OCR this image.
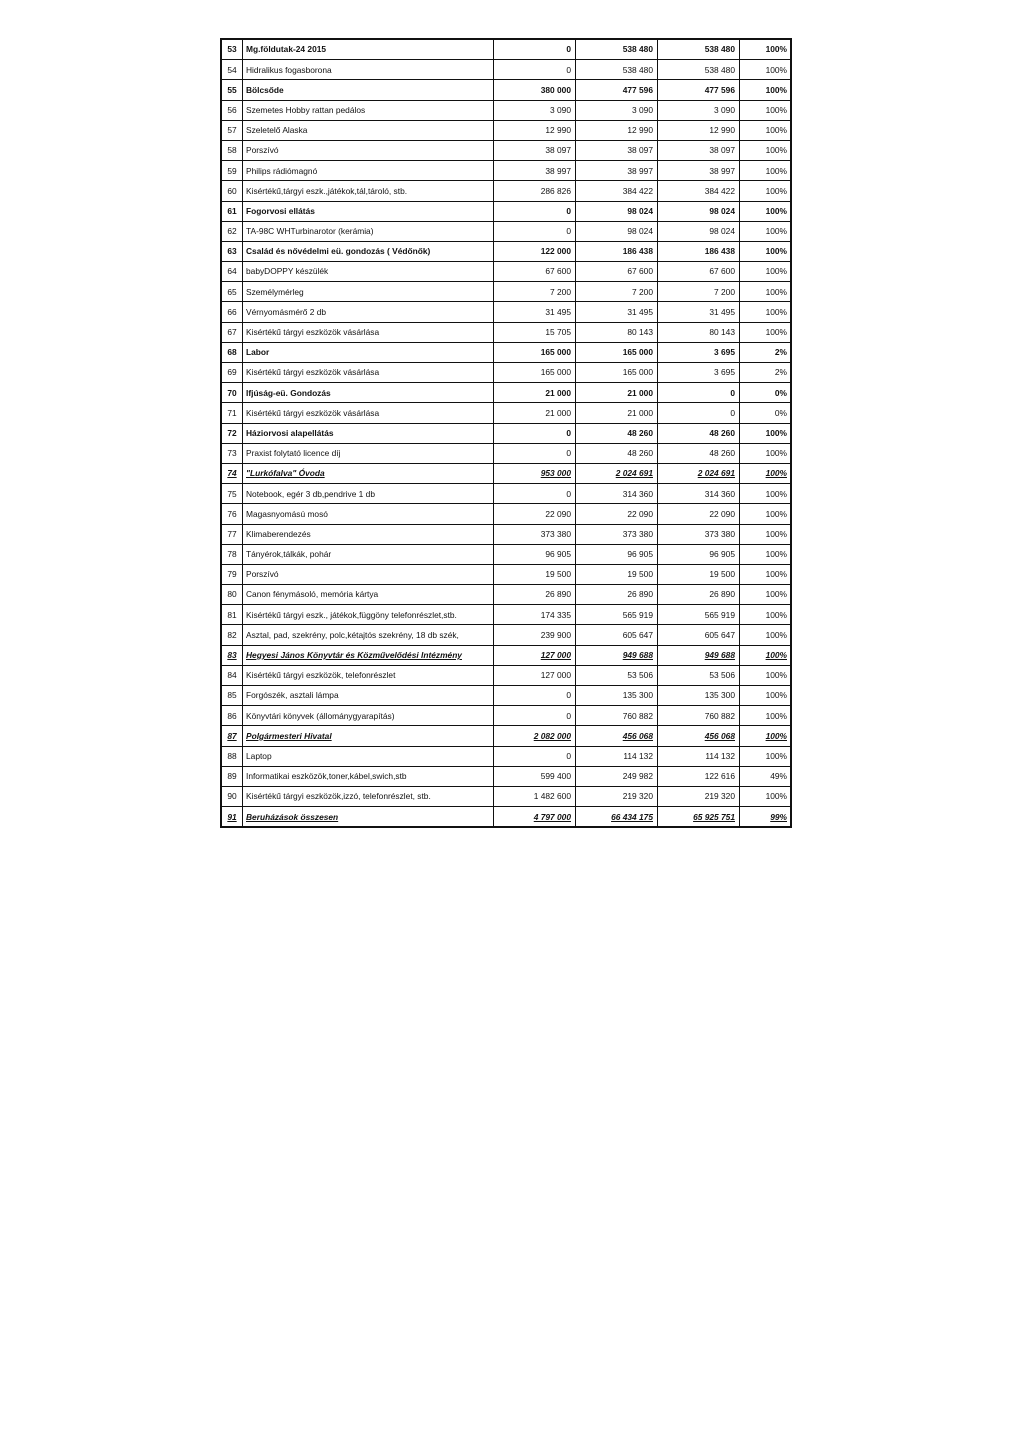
53	Mg.földutak-24 2015	0	538 480	538 480	100%
54	Hidralikus fogasborona	0	538 480	538 480	100%
55	Bölcsőde	380 000	477 596	477 596	100%
56	Szemetes Hobby rattan pedálos	3 090	3 090	3 090	100%
57	Szeletelő Alaska	12 990	12 990	12 990	100%
58	Porszívó	38 097	38 097	38 097	100%
59	Philips rádiómagnó	38 997	38 997	38 997	100%
60	Kisértékű,tárgyi eszk.,játékok,tál,tároló, stb.	286 826	384 422	384 422	100%
61	Fogorvosi ellátás	0	98 024	98 024	100%
62	TA-98C WHTurbinarotor (kerámia)	0	98 024	98 024	100%
63	Család és nővédelmi eü. gondozás ( Védőnők)	122 000	186 438	186 438	100%
64	babyDOPPY készülék	67 600	67 600	67 600	100%
65	Személymérleg	7 200	7 200	7 200	100%
66	Vérnyomásmérő 2 db	31 495	31 495	31 495	100%
67	Kisértékű tárgyi eszközök vásárlása	15 705	80 143	80 143	100%
68	Labor	165 000	165 000	3 695	2%
69	Kisértékű tárgyi eszközök vásárlása	165 000	165 000	3 695	2%
70	Ifjúság-eü. Gondozás	21 000	21 000	0	0%
71	Kisértékű tárgyi eszközök vásárlása	21 000	21 000	0	0%
72	Háziorvosi alapellátás	0	48 260	48 260	100%
73	Praxist folytató licence díj	0	48 260	48 260	100%
74	"Lurkófalva" Óvoda	953 000	2 024 691	2 024 691	100%
75	Notebook, egér 3 db,pendrive 1 db	0	314 360	314 360	100%
76	Magasnyomású mosó	22 090	22 090	22 090	100%
77	Klimaberendezés	373 380	373 380	373 380	100%
78	Tányérok,tálkák, pohár	96 905	96 905	96 905	100%
79	Porszívó	19 500	19 500	19 500	100%
80	Canon fénymásoló, memória kártya	26 890	26 890	26 890	100%
81	Kisértékű tárgyi eszk., játékok,függöny telefonrészlet,stb.	174 335	565 919	565 919	100%
82	Asztal, pad, szekrény, polc,kétajtós szekrény, 18 db szék,	239 900	605 647	605 647	100%
83	Hegyesi János Könyvtár és Közművelődési Intézmény	127 000	949 688	949 688	100%
84	Kisértékű tárgyi eszközök, telefonrészlet	127 000	53 506	53 506	100%
85	Forgószék, asztali lámpa	0	135 300	135 300	100%
86	Könyvtári könyvek (állománygyarapítás)	0	760 882	760 882	100%
87	Polgármesteri Hivatal	2 082 000	456 068	456 068	100%
88	Laptop	0	114 132	114 132	100%
89	Informatikai eszközök,toner,kábel,swich,stb	599 400	249 982	122 616	49%
90	Kisértékű tárgyi eszközök,izzó, telefonrészlet, stb.	1 482 600	219 320	219 320	100%
91	Beruházások összesen	4 797 000	66 434 175	65 925 751	99%
